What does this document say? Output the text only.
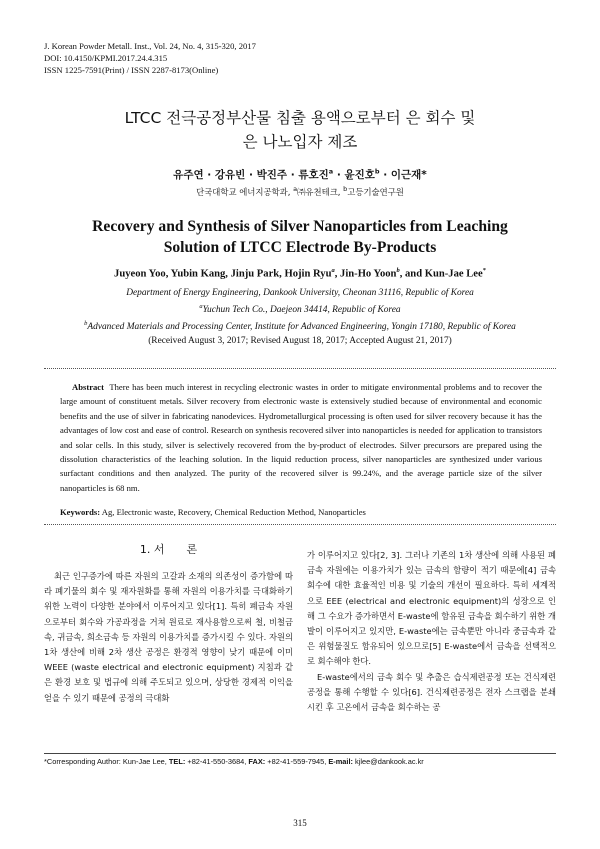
J. Korean Powder Metall. Inst., Vol. 24, No. 4, 315-320, 2017
DOI: 10.4150/KPMI.2017.24.4.315
ISSN 1225-7591(Print) / ISSN 2287-8173(Online)
LTCC 전극공정부산물 침출 용액으로부터 은 회수 및
은 나노입자 제조
유주연 · 강유빈 · 박진주 · 류호진$^a$ · 윤진호$^b$ · 이근재*
단국대학교 에너지공학과, $^a$㈜유천테크, $^b$고등기술연구원
Recovery and Synthesis of Silver Nanoparticles from Leaching
Solution of LTCC Electrode By-Products
Juyeon Yoo, Yubin Kang, Jinju Park, Hojin Ryu$^a$, Jin-Ho Yoon$^b$, and Kun-Jae Lee*
Department of Energy Engineering, Dankook University, Cheonan 31116, Republic of Korea
$^a$Yuchun Tech Co., Daejeon 34414, Republic of Korea
$^b$Advanced Materials and Processing Center, Institute for Advanced Engineering, Yongin 17180, Republic of Korea
(Received August 3, 2017; Revised August 18, 2017; Accepted August 21, 2017)
Abstract There has been much interest in recycling electronic wastes in order to mitigate environmental problems and to recover the large amount of constituent metals. Silver recovery from electronic waste is extensively studied because of environmental and economic benefits and the use of silver in fabricating nanodevices. Hydrometallurgical processing is often used for silver recovery because it has the advantages of low cost and ease of control. Research on synthesis recovered silver into nanoparticles is needed for application to transistors and solar cells. In this study, silver is selectively recovered from the by-product of electrodes. Silver precursors are prepared using the dissolution characteristics of the leaching solution. In the liquid reduction process, silver nanoparticles are synthesized under various surfactant conditions and then analyzed. The purity of the recovered silver is 99.24%, and the average particle size of the silver nanoparticles is 68 nm.
Keywords: Ag, Electronic waste, Recovery, Chemical Reduction Method, Nanoparticles
1. 서　　론
최근 인구증가에 따른 자원의 고갈과 소재의 의존성이 증가함에 따라 폐기물의 회수 및 재자원화를 통해 자원의 이용가치를 극대화하기 위한 노력이 다양한 분야에서 이루어지고 있다[1]. 특히 폐금속 자원으로부터 회수와 가공과정을 거쳐 원료로 재사용함으로써 철, 비철금속, 귀금속, 희소금속 등 자원의 이용가치를 증가시킬 수 있다. 자원의 1차 생산에 비해 2차 생산 공정은 환경적 영향이 낮기 때문에 이미 WEEE (waste electrical and electronic equipment) 지침과 같은 환경 보호 및 법규에 의해 주도되고 있으며, 상당한 경제적 이익을 얻을 수 있기 때문에 공정의 극대화
가 이루어지고 있다[2, 3]. 그러나 기존의 1차 생산에 의해 사용된 폐금속 자원에는 이용가치가 있는 금속의 함량이 적기 때문에[4] 금속 회수에 대한 효율적인 비용 및 기술의 개선이 필요하다. 특히 세계적으로 EEE (electrical and electronic equipment)의 성장으로 인해 그 수요가 증가하면서 E-waste에 함유된 금속을 회수하기 위한 개발이 이루어지고 있지만, E-waste에는 금속뿐만 아니라 중금속과 같은 위험물질도 함유되어 있으므로[5] E-waste에서 금속을 선택적으로 회수해야 한다.
E-waste에서의 금속 회수 및 추출은 습식제련공정 또는 건식제련공정을 통해 수행할 수 있다[6]. 건식제련공정은 전자 스크랩을 분쇄시킨 후 고온에서 금속을 회수하는 공
*Corresponding Author: Kun-Jae Lee, TEL: +82-41-550-3684, FAX: +82-41-559-7945, E-mail: kjlee@dankook.ac.kr
315
